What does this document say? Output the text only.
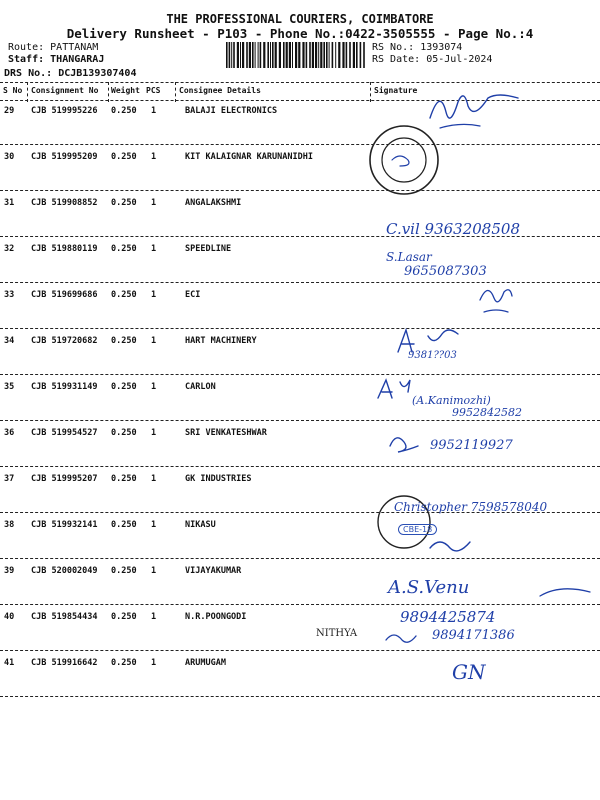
THE PROFESSIONAL COURIERS, COIMBATORE
Delivery Runsheet - P103 - Phone No.:0422-3505555 - Page No.:4
Route: PATTANAM
Staff: THANGARAJ
DRS No.: DCJB139307404
RS No.: 1393074
RS Date: 05-Jul-2024
S No Consignment No Weight PCS Consignee Details	Signature
29 CJB 519995226 0.250 1	BALAJI ELECTRONICS
30 CJB 519995209 0.250 1	KIT KALAIGNAR KARUNANIDHI
31 CJB 519908852 0.250 1	ANGALAKSHMI
32 CJB 519880119 0.250 1	SPEEDLINE
33 CJB 519699686 0.250 1	ECI
34 CJB 519720682 0.250 1	HART MACHINERY
35 CJB 519931149 0.250 1	CARLON
36 CJB 519954527 0.250 1	SRI VENKATESHWAR
37 CJB 519995207 0.250 1	GK INDUSTRIES
38 CJB 519932141 0.250 1	NIKASU
39 CJB 520002049 0.250 1	VIJAYAKUMAR
40 CJB 519854434 0.250 1	N.R.POONGODI
41 CJB 519916642 0.250 1	ARUMUGAM
C.vil 9363208508
S.Lasar
9655087303
9381??03
(A.Kanimozhi)
9952842582
9952119927
Christopher 7598578040
A.S.Venu
9894425874
9894171386
NITHYA
GN
CBE-18
